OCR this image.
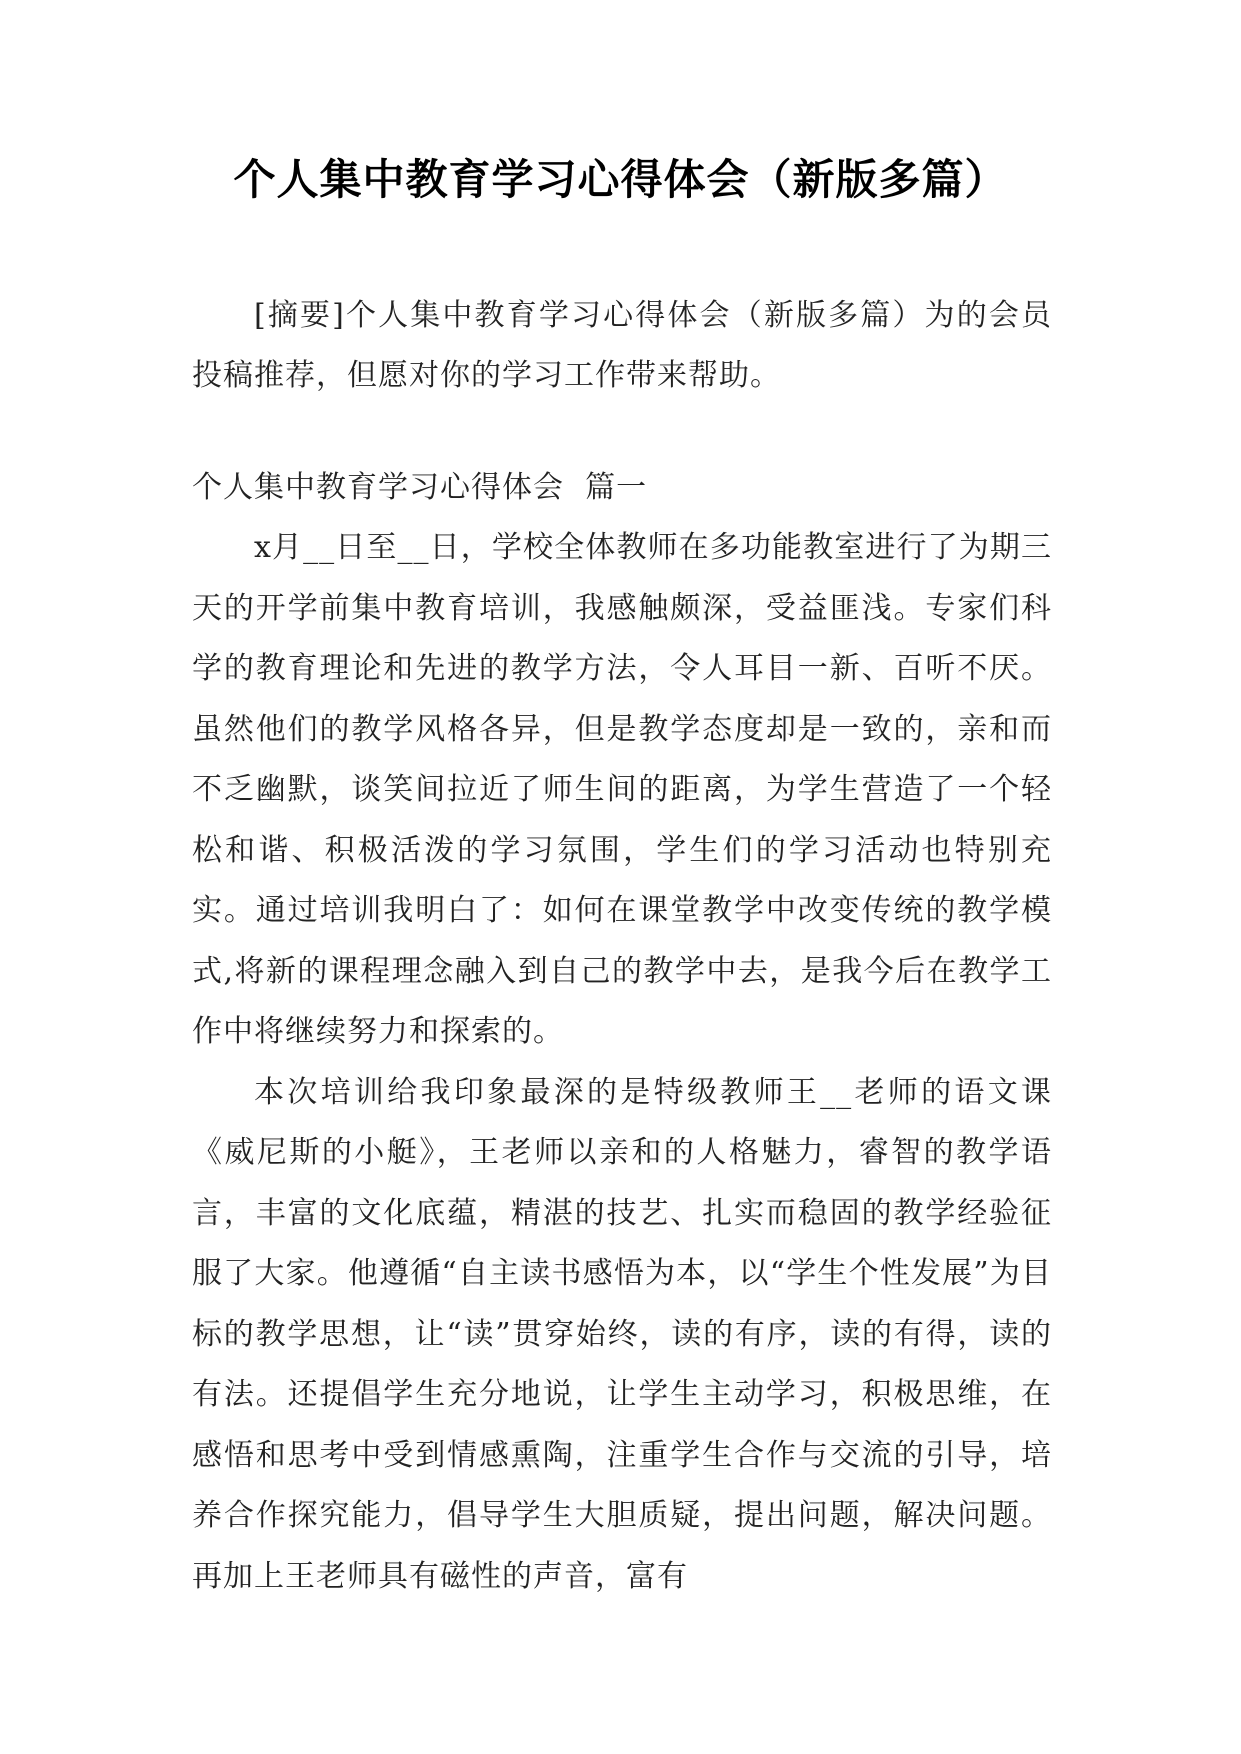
个人集中教育学习心得体会（新版多篇）
[摘要]个人集中教育学习心得体会（新版多篇）为的会员投稿推荐，但愿对你的学习工作带来帮助。
个人集中教育学习心得体会  篇一

x月__日至__日，学校全体教师在多功能教室进行了为期三天的开学前集中教育培训，我感触颇深，受益匪浅。专家们科学的教育理论和先进的教学方法，令人耳目一新、百听不厌。虽然他们的教学风格各异，但是教学态度却是一致的，亲和而不乏幽默，谈笑间拉近了师生间的距离，为学生营造了一个轻松和谐、积极活泼的学习氛围，学生们的学习活动也特别充实。通过培训我明白了：如何在课堂教学中改变传统的教学模式,将新的课程理念融入到自己的教学中去，是我今后在教学工作中将继续努力和探索的。

本次培训给我印象最深的是特级教师王__老师的语文课《威尼斯的小艇》，王老师以亲和的人格魅力，睿智的教学语言，丰富的文化底蕴，精湛的技艺、扎实而稳固的教学经验征服了大家。他遵循“自主读书感悟为本，以“学生个性发展”为目标的教学思想，让“读”贯穿始终，读的有序，读的有得，读的有法。还提倡学生充分地说，让学生主动学习，积极思维，在感悟和思考中受到情感熏陶，注重学生合作与交流的引导，培养合作探究能力，倡导学生大胆质疑，提出问题，解决问题。再加上王老师具有磁性的声音，富有
